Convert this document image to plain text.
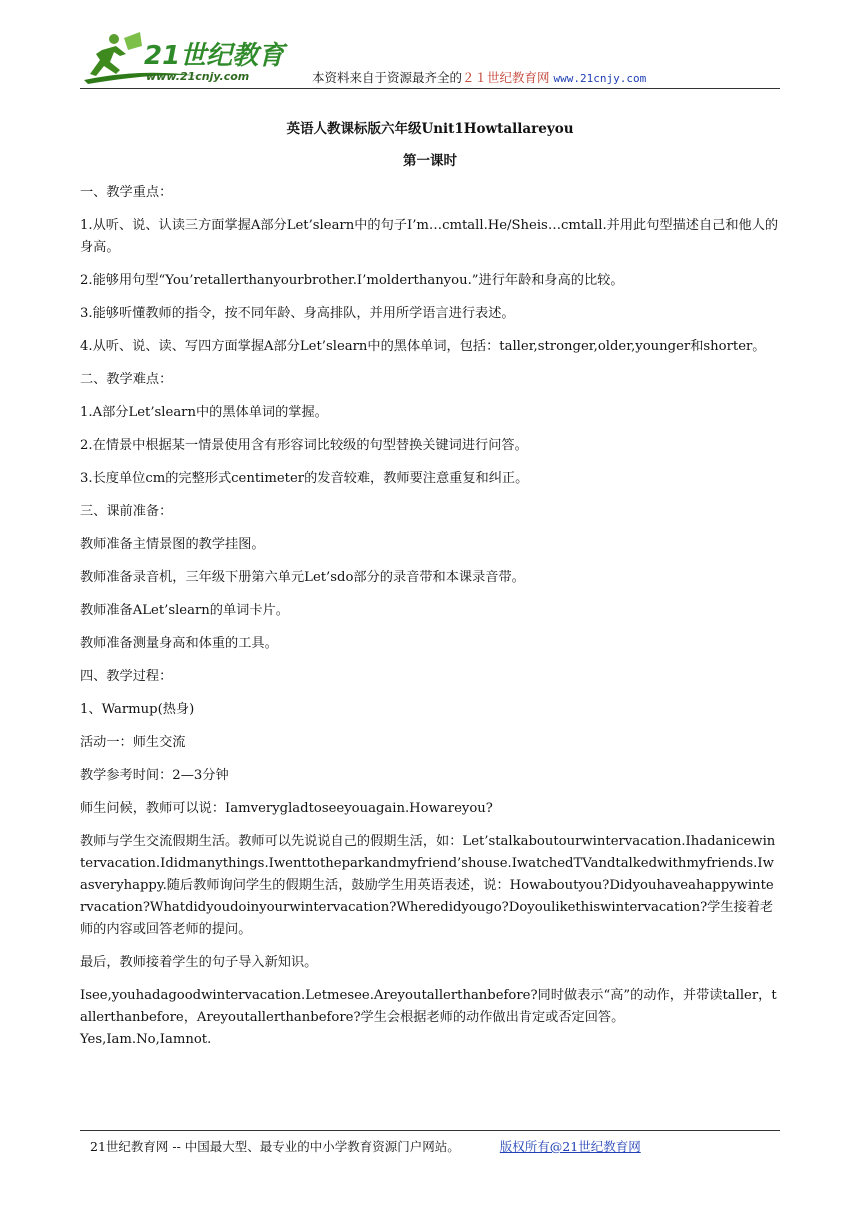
21世纪教育
www.21cnjy.com	本资料来自于资源最齐全的２１世纪教育网 www.21cnjy.com
英语人教课标版六年级Unit1Howtallareyou
第一课时
一、教学重点：
1.从听、说、认读三方面掌握A部分Let’slearn中的句子I’m…cmtall.He/Sheis…cmtall.并用此句型描述自己和他人的身高。
2.能够用句型“You’retallerthanyourbrother.I’molderthanyou.”进行年龄和身高的比较。
3.能够听懂教师的指令，按不同年龄、身高排队，并用所学语言进行表述。
4.从听、说、读、写四方面掌握A部分Let’slearn中的黑体单词，包括：taller,stronger,older,younger和shorter。
二、教学难点：
1.A部分Let’slearn中的黑体单词的掌握。
2.在情景中根据某一情景使用含有形容词比较级的句型替换关键词进行问答。
3.长度单位cm的完整形式centimeter的发音较难，教师要注意重复和纠正。
三、课前准备：
教师准备主情景图的教学挂图。
教师准备录音机，三年级下册第六单元Let’sdo部分的录音带和本课录音带。
教师准备ALet’slearn的单词卡片。
教师准备测量身高和体重的工具。
四、教学过程：
1、Warmup(热身)
活动一：师生交流
教学参考时间：2—3分钟
师生问候，教师可以说：Iamverygladtoseeyouagain.Howareyou?
教师与学生交流假期生活。教师可以先说说自己的假期生活，如：Let’stalkaboutourwintervacation.Ihadanicewintervacation.Ididmanythings.Iwenttotheparkandmyfriend’shouse.IwatchedTVandtalkedwithmyfriends.Iwasveryhappy.随后教师询问学生的假期生活，鼓励学生用英语表述，说：Howaboutyou?Didyouhaveahappywintervacation?Whatdidyoudoinyourwintervacation?Wheredidyougo?Doyoulikethiswintervacation?学生接着老师的内容或回答老师的提问。
最后，教师接着学生的句子导入新知识。
Isee,youhadagoodwintervacation.Letmesee.Areyoutallerthanbefore?同时做表示“高”的动作，并带读taller，tallerthanbefore，Areyoutallerthanbefore?学生会根据老师的动作做出肯定或否定回答。
Yes,Iam.No,Iamnot.
21世纪教育网 -- 中国最大型、最专业的中小学教育资源门户网站。	版权所有@21世纪教育网
